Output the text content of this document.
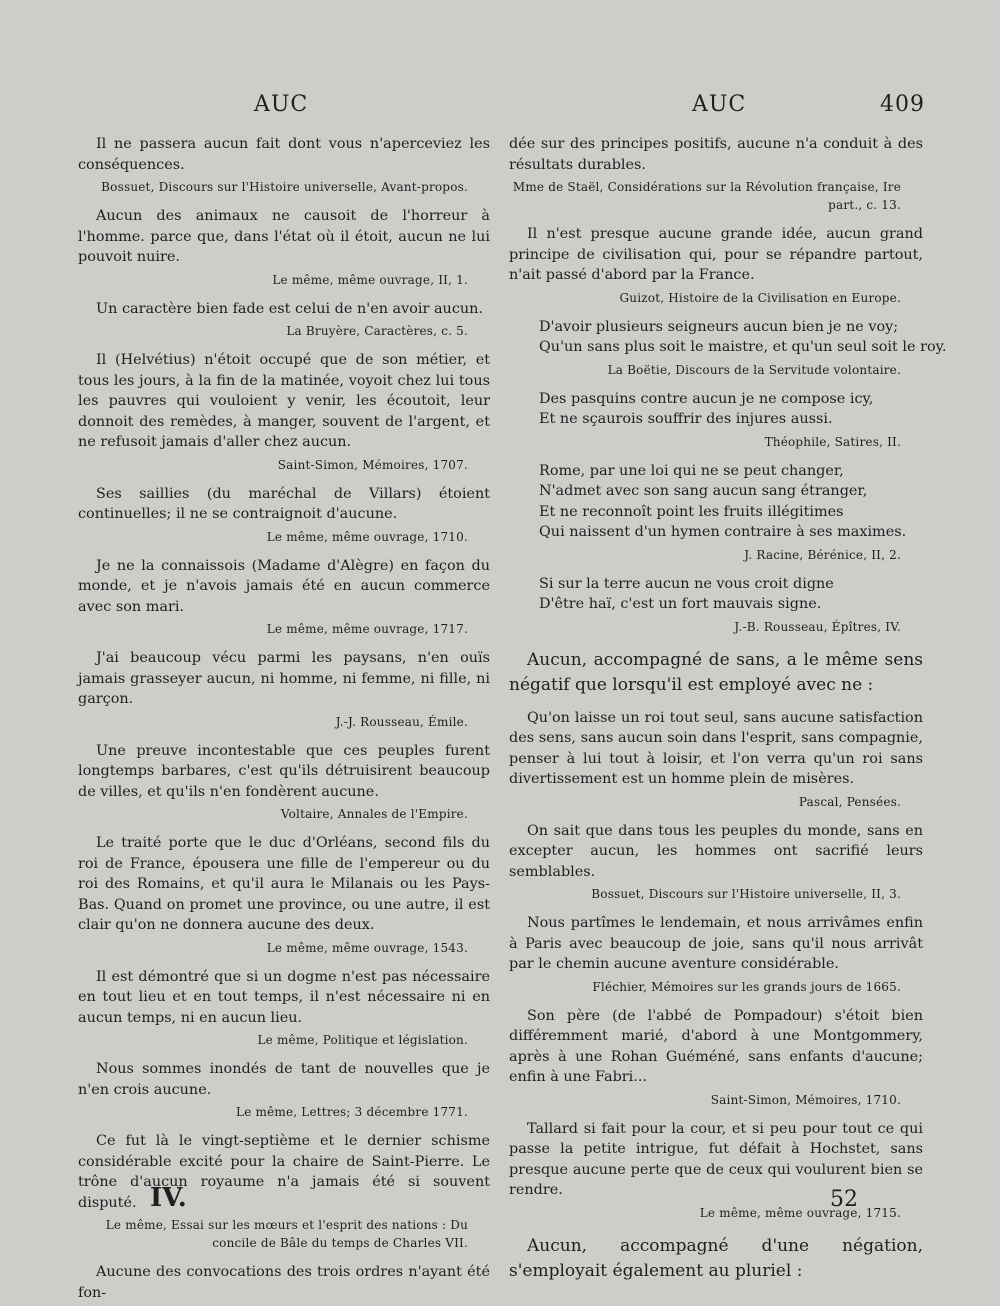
AUC	AUC	409
Il ne passera aucun fait dont vous n'aperceviez les conséquences.
Bossuet, Discours sur l'Histoire universelle, Avant-propos.
Aucun des animaux ne causoit de l'horreur à l'homme. parce que, dans l'état où il étoit, aucun ne lui pouvoit nuire.
Le même, même ouvrage, II, 1.
Un caractère bien fade est celui de n'en avoir aucun.
La Bruyère, Caractères, c. 5.
Il (Helvétius) n'étoit occupé que de son métier, et tous les jours, à la fin de la matinée, voyoit chez lui tous les pauvres qui vouloient y venir, les écoutoit, leur donnoit des remèdes, à manger, souvent de l'argent, et ne refusoit jamais d'aller chez aucun.
Saint-Simon, Mémoires, 1707.
Ses saillies (du maréchal de Villars) étoient continuelles; il ne se contraignoit d'aucune.
Le même, même ouvrage, 1710.
Je ne la connaissois (Madame d'Alègre) en façon du monde, et je n'avois jamais été en aucun commerce avec son mari.
Le même, même ouvrage, 1717.
J'ai beaucoup vécu parmi les paysans, n'en ouïs jamais grasseyer aucun, ni homme, ni femme, ni fille, ni garçon.
J.-J. Rousseau, Émile.
Une preuve incontestable que ces peuples furent longtemps barbares, c'est qu'ils détruisirent beaucoup de villes, et qu'ils n'en fondèrent aucune.
Voltaire, Annales de l'Empire.
Le traité porte que le duc d'Orléans, second fils du roi de France, épousera une fille de l'empereur ou du roi des Romains, et qu'il aura le Milanais ou les Pays-Bas. Quand on promet une province, ou une autre, il est clair qu'on ne donnera aucune des deux.
Le même, même ouvrage, 1543.
Il est démontré que si un dogme n'est pas nécessaire en tout lieu et en tout temps, il n'est nécessaire ni en aucun temps, ni en aucun lieu.
Le même, Politique et législation.
Nous sommes inondés de tant de nouvelles que je n'en crois aucune.
Le même, Lettres; 3 décembre 1771.
Ce fut là le vingt-septième et le dernier schisme considérable excité pour la chaire de Saint-Pierre. Le trône d'aucun royaume n'a jamais été si souvent disputé.
Le même, Essai sur les mœurs et l'esprit des nations : Du concile de Bâle du temps de Charles VII.
Aucune des convocations des trois ordres n'ayant été fon-
dée sur des principes positifs, aucune n'a conduit à des résultats durables.
Mme de Staël, Considérations sur la Révolution française, Ire part., c. 13.
Il n'est presque aucune grande idée, aucun grand principe de civilisation qui, pour se répandre partout, n'ait passé d'abord par la France.
Guizot, Histoire de la Civilisation en Europe.
D'avoir plusieurs seigneurs aucun bien je ne voy;
Qu'un sans plus soit le maistre, et qu'un seul soit le roy.
La Boëtie, Discours de la Servitude volontaire.
Des pasquins contre aucun je ne compose icy,
Et ne sçaurois souffrir des injures aussi.
Théophile, Satires, II.
Rome, par une loi qui ne se peut changer,
N'admet avec son sang aucun sang étranger,
Et ne reconnoît point les fruits illégitimes
Qui naissent d'un hymen contraire à ses maximes.
J. Racine, Bérénice, II, 2.
Si sur la terre aucun ne vous croit digne
D'être haï, c'est un fort mauvais signe.
J.-B. Rousseau, Épîtres, IV.
Aucun, accompagné de sans, a le même sens négatif que lorsqu'il est employé avec ne :
Qu'on laisse un roi tout seul, sans aucune satisfaction des sens, sans aucun soin dans l'esprit, sans compagnie, penser à lui tout à loisir, et l'on verra qu'un roi sans divertissement est un homme plein de misères.
Pascal, Pensées.
On sait que dans tous les peuples du monde, sans en excepter aucun, les hommes ont sacrifié leurs semblables.
Bossuet, Discours sur l'Histoire universelle, II, 3.
Nous partîmes le lendemain, et nous arrivâmes enfin à Paris avec beaucoup de joie, sans qu'il nous arrivât par le chemin aucune aventure considérable.
Fléchier, Mémoires sur les grands jours de 1665.
Son père (de l'abbé de Pompadour) s'étoit bien différemment marié, d'abord à une Montgommery, après à une Rohan Guéméné, sans enfants d'aucune; enfin à une Fabri...
Saint-Simon, Mémoires, 1710.
Tallard si fait pour la cour, et si peu pour tout ce qui passe la petite intrigue, fut défait à Hochstet, sans presque aucune perte que de ceux qui voulurent bien se rendre.
Le même, même ouvrage, 1715.
Aucun, accompagné d'une négation, s'employait également au pluriel :
IV.	52
